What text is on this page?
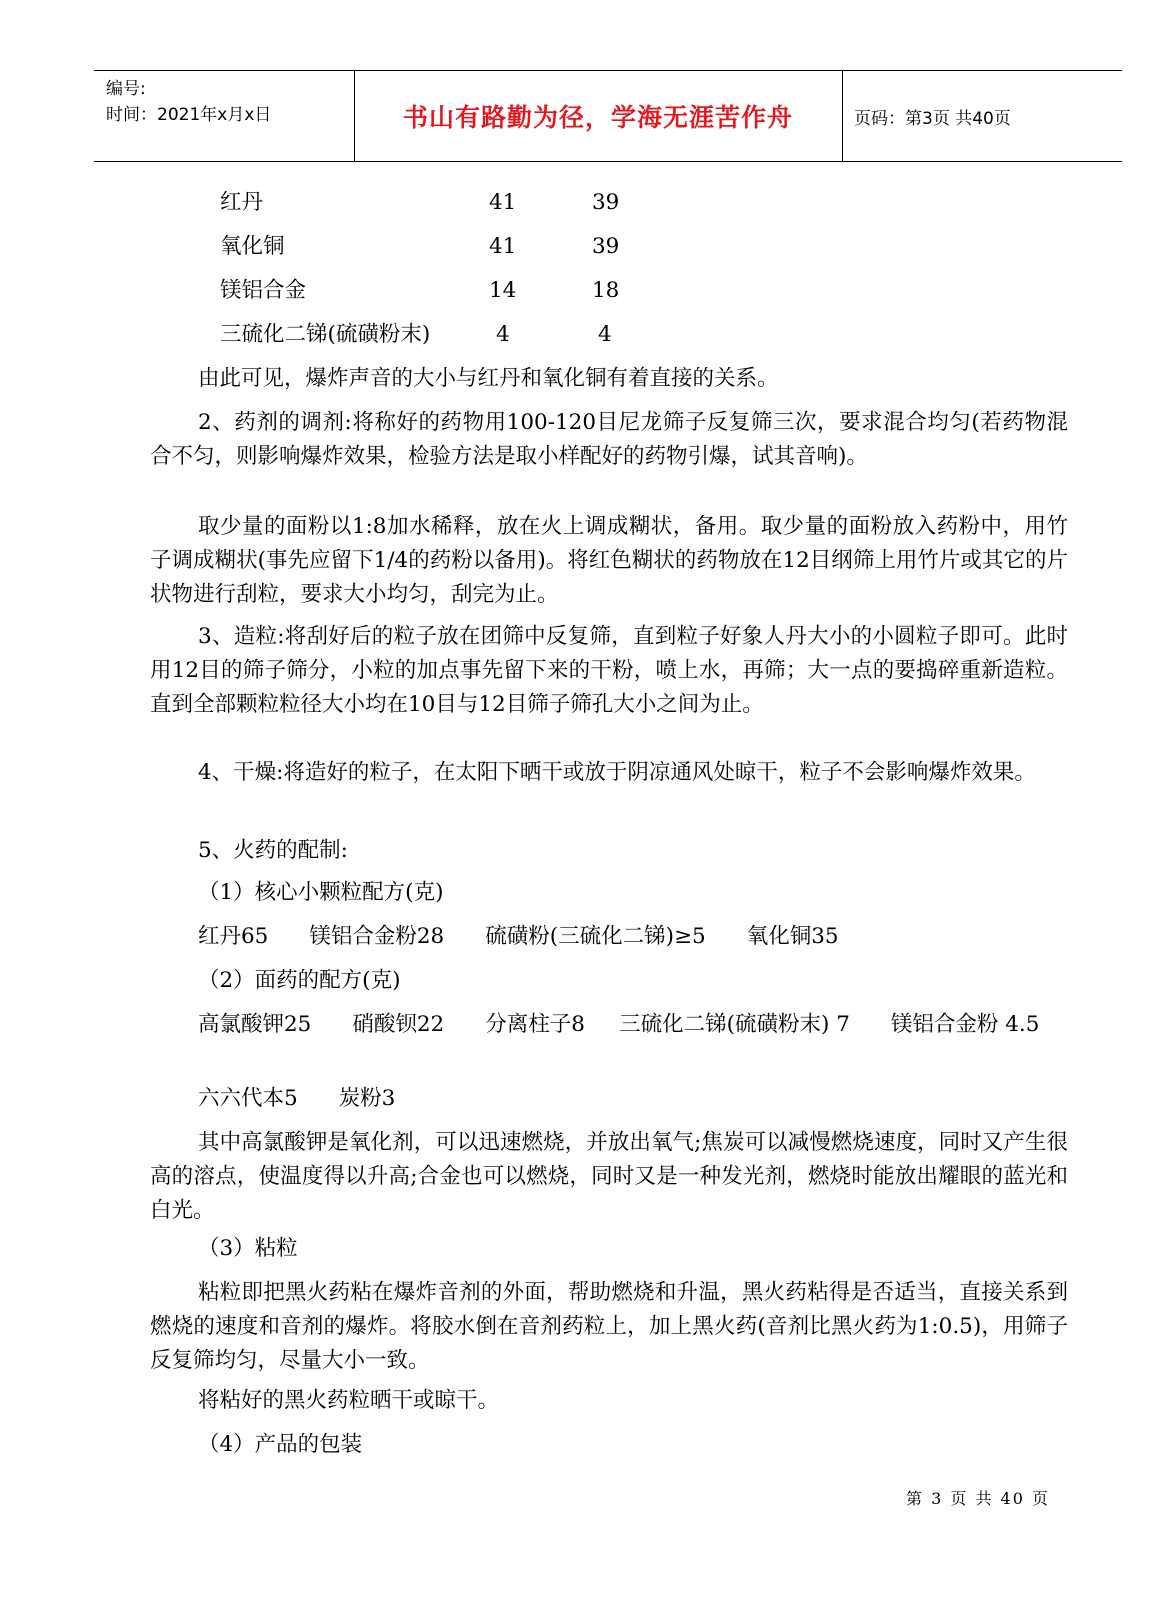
编号:
时间：2021年x月x日	书山有路勤为径，学海无涯苦作舟	页码：第3页 共40页
红丹	41	39
氧化铜	41	39
镁铝合金	14	18
三硫化二锑(硫磺粉末)	4	4
由此可见，爆炸声音的大小与红丹和氧化铜有着直接的关系。
2、药剂的调剂:将称好的药物用100-120目尼龙筛子反复筛三次，要求混合均匀(若药物混合不匀，则影响爆炸效果，检验方法是取小样配好的药物引爆，试其音响)。
取少量的面粉以1:8加水稀释，放在火上调成糊状，备用。取少量的面粉放入药粉中，用竹子调成糊状(事先应留下1/4的药粉以备用)。将红色糊状的药物放在12目纲筛上用竹片或其它的片状物进行刮粒，要求大小均匀，刮完为止。
3、造粒:将刮好后的粒子放在团筛中反复筛，直到粒子好象人丹大小的小圆粒子即可。此时用12目的筛子筛分，小粒的加点事先留下来的干粉，喷上水，再筛；大一点的要捣碎重新造粒。直到全部颗粒粒径大小均在10目与12目筛子筛孔大小之间为止。
4、干燥:将造好的粒子，在太阳下晒干或放于阴凉通风处晾干，粒子不会影响爆炸效果。
5、火药的配制:
（1）核心小颗粒配方(克)
红丹65      镁铝合金粉28      硫磺粉(三硫化二锑)≥5      氧化铜35
（2）面药的配方(克)
高氯酸钾25      硝酸钡22      分离柱子8     三硫化二锑(硫磺粉末) 7      镁铝合金粉 4.5
六六代本5      炭粉3
其中高氯酸钾是氧化剂，可以迅速燃烧，并放出氧气;焦炭可以减慢燃烧速度，同时又产生很高的溶点，使温度得以升高;合金也可以燃烧，同时又是一种发光剂，燃烧时能放出耀眼的蓝光和白光。
（3）粘粒
粘粒即把黑火药粘在爆炸音剂的外面，帮助燃烧和升温，黑火药粘得是否适当，直接关系到燃烧的速度和音剂的爆炸。将胶水倒在音剂药粒上，加上黑火药(音剂比黑火药为1:0.5)，用筛子反复筛均匀，尽量大小一致。
将粘好的黑火药粒晒干或晾干。
（4）产品的包装
第 3 页 共 40 页
